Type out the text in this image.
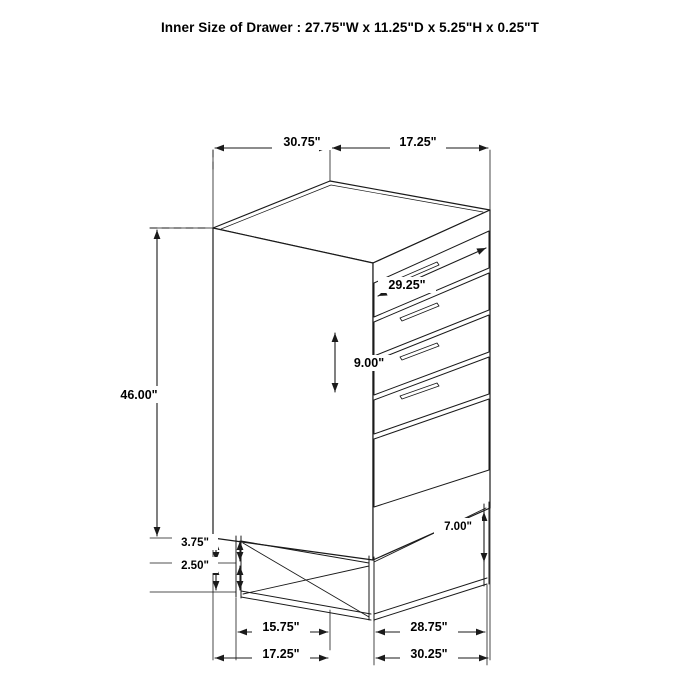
Inner Size of Drawer : 27.75"W x 11.25"D x 5.25"H x 0.25"T
30.75"	17.25"
46.00"
29.25"
9.00"
3.75"
2.50"
7.00"
15.75"	28.75"
17.25"	30.25"
